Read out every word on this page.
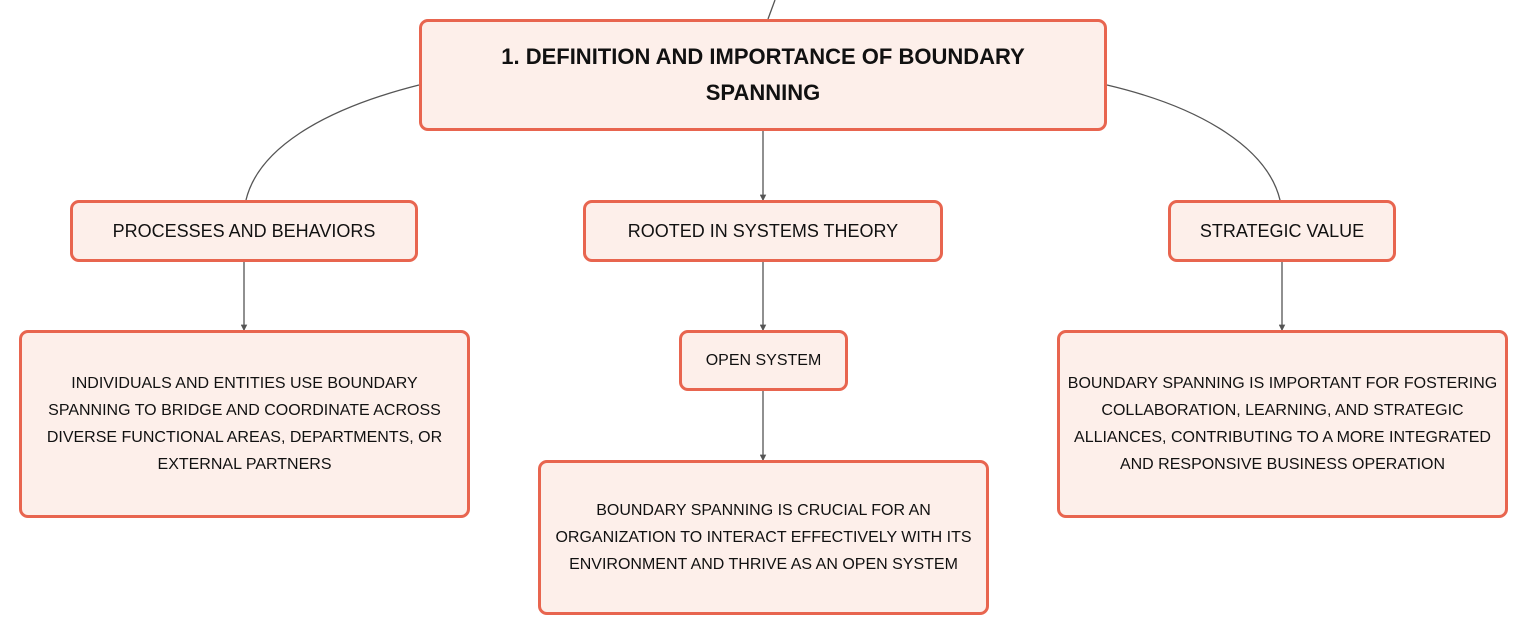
1. DEFINITION AND IMPORTANCE OF BOUNDARY SPANNING
PROCESSES AND BEHAVIORS	ROOTED IN SYSTEMS THEORY	STRATEGIC VALUE
OPEN SYSTEM
INDIVIDUALS AND ENTITIES USE BOUNDARY SPANNING TO BRIDGE AND COORDINATE ACROSS DIVERSE FUNCTIONAL AREAS, DEPARTMENTS, OR EXTERNAL PARTNERS
BOUNDARY SPANNING IS CRUCIAL FOR AN ORGANIZATION TO INTERACT EFFECTIVELY WITH ITS ENVIRONMENT AND THRIVE AS AN OPEN SYSTEM
BOUNDARY SPANNING IS IMPORTANT FOR FOSTERING COLLABORATION, LEARNING, AND STRATEGIC ALLIANCES, CONTRIBUTING TO A MORE INTEGRATED AND RESPONSIVE BUSINESS OPERATION
